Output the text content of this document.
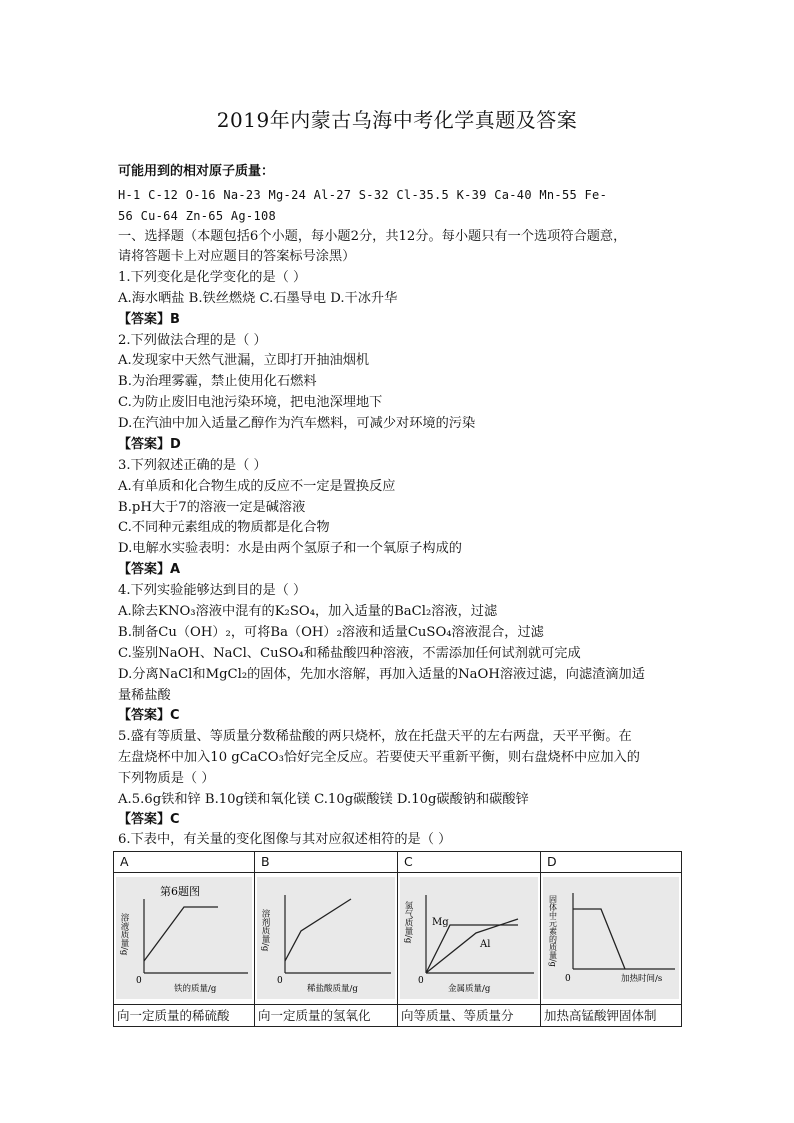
2019年内蒙古乌海中考化学真题及答案
可能用到的相对原子质量：
H-1 C-12 O-16 Na-23 Mg-24 Al-27 S-32 Cl-35.5 K-39 Ca-40 Mn-55 Fe-
56 Cu-64 Zn-65 Ag-108
一、选择题（本题包括6个小题，每小题2分，共12分。每小题只有一个选项符合题意，
请将答题卡上对应题目的答案标号涂黑）
1.下列变化是化学变化的是（ ）
A.海水晒盐 B.铁丝燃烧 C.石墨导电 D.干冰升华
【答案】B
2.下列做法合理的是（ ）
A.发现家中天然气泄漏，立即打开抽油烟机
B.为治理雾霾，禁止使用化石燃料
C.为防止废旧电池污染环境，把电池深埋地下
D.在汽油中加入适量乙醇作为汽车燃料，可减少对环境的污染
【答案】D
3.下列叙述正确的是（ ）
A.有单质和化合物生成的反应不一定是置换反应
B.pH大于7的溶液一定是碱溶液
C.不同种元素组成的物质都是化合物
D.电解水实验表明：水是由两个氢原子和一个氧原子构成的
【答案】A
4.下列实验能够达到目的是（ ）
A.除去KNO₃溶液中混有的K₂SO₄，加入适量的BaCl₂溶液，过滤
B.制备Cu（OH）₂，可将Ba（OH）₂溶液和适量CuSO₄溶液混合，过滤
C.鉴别NaOH、NaCl、CuSO₄和稀盐酸四种溶液，不需添加任何试剂就可完成
D.分离NaCl和MgCl₂的固体，先加水溶解，再加入适量的NaOH溶液过滤，向滤渣滴加适
量稀盐酸
【答案】C
5.盛有等质量、等质量分数稀盐酸的两只烧杯，放在托盘天平的左右两盘，天平平衡。在
左盘烧杯中加入10 gCaCO₃恰好完全反应。若要使天平重新平衡，则右盘烧杯中应加入的
下列物质是（ ）
A.5.6g铁和锌 B.10g镁和氧化镁 C.10g碳酸镁 D.10g碳酸钠和碳酸锌
【答案】C
6.下表中，有关量的变化图像与其对应叙述相符的是（ ）
A	B	C	D

第6题图
0
铁的质量/g
溶液质量/g	0
稀盐酸质量/g
溶剂质量/g	Mg
Al
0
金属质量/g
氢气质量/g	0 加热时间/s
固体中元素的质量/g

向一定质量的稀硫酸	向一定质量的氢氧化	向等质量、等质量分	加热高锰酸钾固体制
